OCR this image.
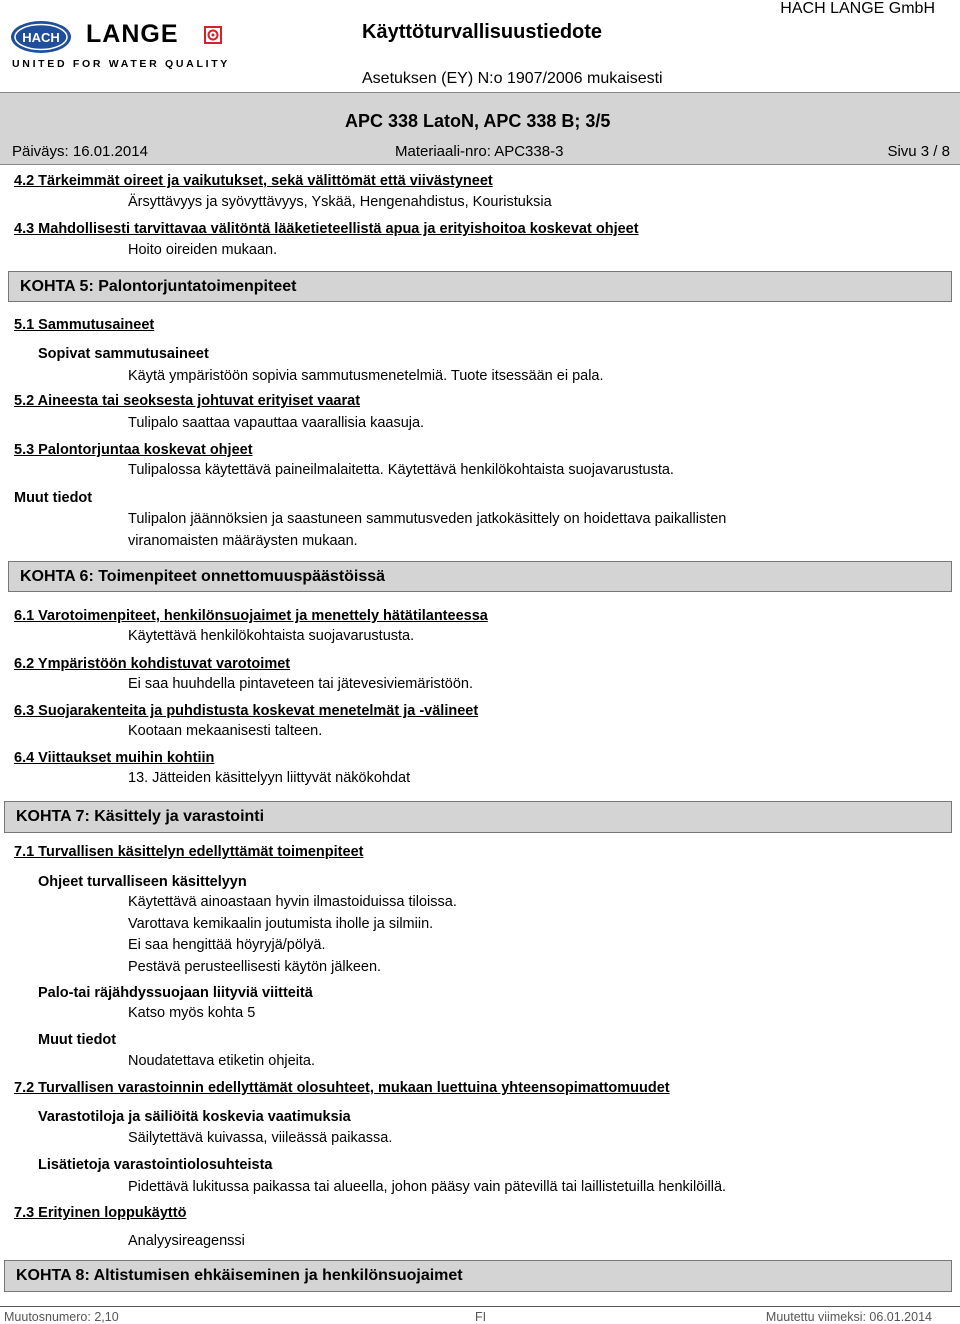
HACH LANGE
UNITED FOR WATER QUALITY
Käyttöturvallisuustiedote
HACH LANGE GmbH
Asetuksen (EY) N:o 1907/2006 mukaisesti
APC 338 LatoN, APC 338 B; 3/5
Päiväys: 16.01.2014	Materiaali-nro: APC338-3	Sivu 3 / 8
4.2 Tärkeimmät oireet ja vaikutukset, sekä välittömät että viivästyneet
Ärsyttävyys ja syövyttävyys, Yskää, Hengenahdistus, Kouristuksia
4.3 Mahdollisesti tarvittavaa välitöntä lääketieteellistä apua ja erityishoitoa koskevat ohjeet
Hoito oireiden mukaan.
KOHTA 5: Palontorjuntatoimenpiteet
5.1 Sammutusaineet
Sopivat sammutusaineet
Käytä ympäristöön sopivia sammutusmenetelmiä. Tuote itsessään ei pala.
5.2 Aineesta tai seoksesta johtuvat erityiset vaarat
Tulipalo saattaa vapauttaa vaarallisia kaasuja.
5.3 Palontorjuntaa koskevat ohjeet
Tulipalossa käytettävä paineilmalaitetta. Käytettävä henkilökohtaista suojavarustusta.
Muut tiedot
Tulipalon jäännöksien ja saastuneen sammutusveden jatkokäsittely on hoidettava paikallisten
viranomaisten määräysten mukaan.
KOHTA 6: Toimenpiteet onnettomuuspäästöissä
6.1 Varotoimenpiteet, henkilönsuojaimet ja menettely hätätilanteessa
Käytettävä henkilökohtaista suojavarustusta.
6.2 Ympäristöön kohdistuvat varotoimet
Ei saa huuhdella pintaveteen tai jätevesiviemäristöön.
6.3 Suojarakenteita ja puhdistusta koskevat menetelmät ja -välineet
Kootaan mekaanisesti talteen.
6.4 Viittaukset muihin kohtiin
13. Jätteiden käsittelyyn liittyvät näkökohdat
KOHTA 7: Käsittely ja varastointi
7.1 Turvallisen käsittelyn edellyttämät toimenpiteet
Ohjeet turvalliseen käsittelyyn
Käytettävä ainoastaan hyvin ilmastoiduissa tiloissa.
Varottava kemikaalin joutumista iholle ja silmiin.
Ei saa hengittää höyryjä/pölyä.
Pestävä perusteellisesti käytön jälkeen.
Palo-tai räjähdyssuojaan liityviä viitteitä
Katso myös kohta 5
Muut tiedot
Noudatettava etiketin ohjeita.
7.2 Turvallisen varastoinnin edellyttämät olosuhteet, mukaan luettuina yhteensopimattomuudet
Varastotiloja ja säiliöitä koskevia vaatimuksia
Säilytettävä kuivassa, viileässä paikassa.
Lisätietoja varastointiolosuhteista
Pidettävä lukitussa paikassa tai alueella, johon pääsy vain pätevillä tai laillistetuilla henkilöillä.
7.3 Erityinen loppukäyttö
Analyysireagenssi
KOHTA 8: Altistumisen ehkäiseminen ja henkilönsuojaimet
Muutosnumero: 2,10	FI	Muutettu viimeksi: 06.01.2014
